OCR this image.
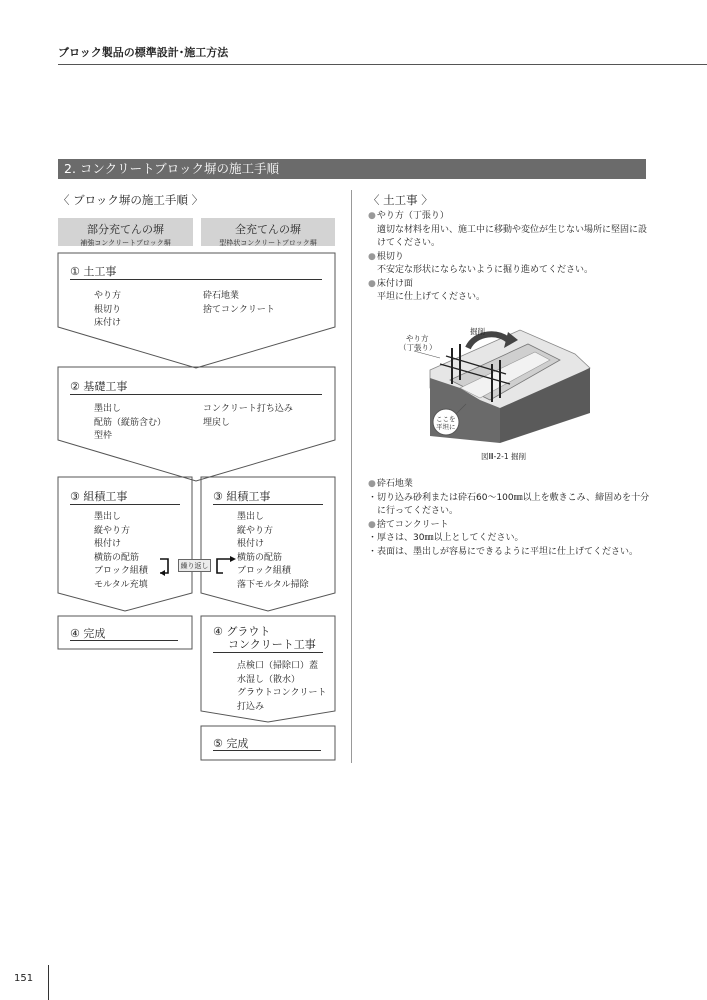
ブロック製品の標準設計･施工方法
2. コンクリートブロック塀の施工手順
〈 ブロック塀の施工手順 〉
部分充てんの塀
補強コンクリートブロック塀
全充てんの塀
型枠状コンクリートブロック塀
繰り返し
① 土工事
やり方
根切り
床付け
砕石地業
捨てコンクリート
② 基礎工事
墨出し
配筋（縦筋含む）
型枠
コンクリート打ち込み
埋戻し
③ 組積工事
墨出し
縦やり方
根付け
横筋の配筋
ブロック組積
モルタル充填
③ 組積工事
墨出し
縦やり方
根付け
横筋の配筋
ブロック組積
落下モルタル掃除
④ 完成	④ グラウト
コンクリート工事
点検口（掃除口）蓋
水湿し（散水）
グラウトコンクリート
打込み
⑤ 完成
〈 土工事 〉
● やり方（丁張り）
適切な材料を用い、施工中に移動や変位が生じない場所に堅固に設
けてください。
● 根切り
不安定な形状にならないように掘り進めてください。
● 床付け面
平坦に仕上げてください。
やり方
（丁張り）
掘削
ここを
平坦に
図Ⅲ-2-1 掘削
● 砕石地業
・切り込み砂利または砕石60～100㎜以上を敷きこみ、締固めを十分
　に行ってください。
● 捨てコンクリート
・厚さは、30㎜以上としてください。
・表面は、墨出しが容易にできるように平坦に仕上げてください。
151
